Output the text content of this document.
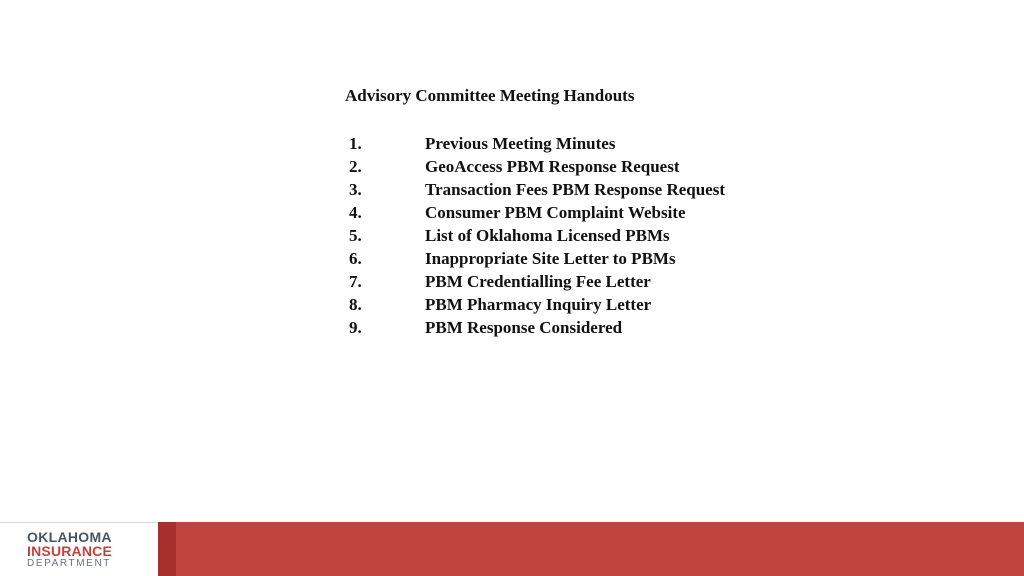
Advisory Committee Meeting Handouts
1.	Previous Meeting Minutes
2.	GeoAccess PBM Response Request
3.	Transaction Fees PBM Response Request
4.	Consumer PBM Complaint Website
5.	List of Oklahoma Licensed PBMs
6.	Inappropriate Site Letter to PBMs
7.	PBM Credentialling Fee Letter
8.	PBM Pharmacy Inquiry Letter
9.	PBM Response Considered
OKLAHOMA
INSURANCE
DEPARTMENT
